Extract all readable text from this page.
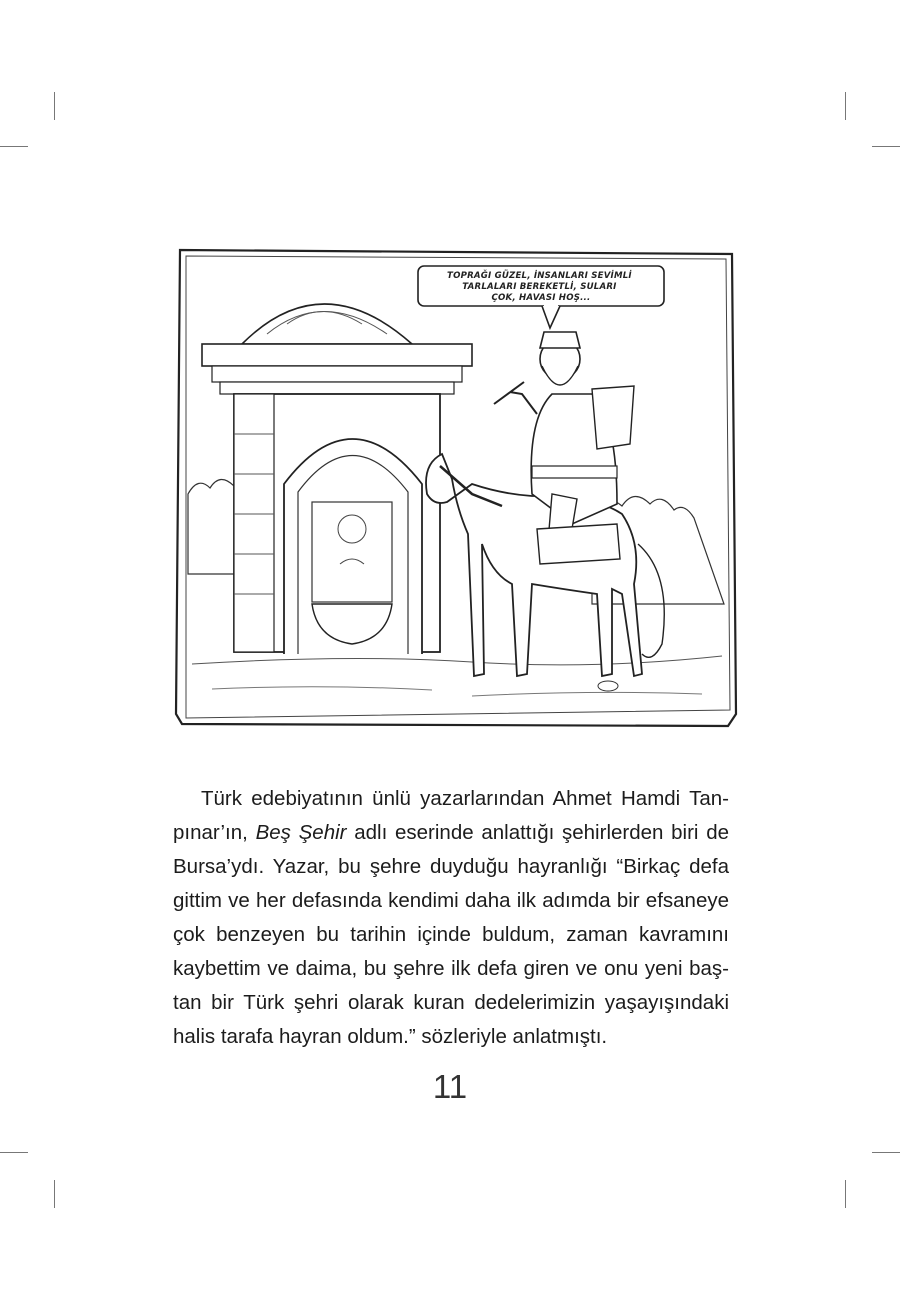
TOPRAĞI GÜZEL, İNSANLARI SEVİMLİ TARLALARI BEREKETLİ, SULARI ÇOK, HAVASI HOŞ...
Türk edebiyatının ünlü yazarlarından Ahmet Hamdi Tan-
pınar’ın, Beş Şehir adlı eserinde anlattığı şehirlerden biri de
Bursa’ydı. Yazar, bu şehre duyduğu hayranlığı “Birkaç defa
gittim ve her defasında kendimi daha ilk adımda bir efsaneye
çok benzeyen bu tarihin içinde buldum, zaman kavramını
kaybettim ve daima, bu şehre ilk defa giren ve onu yeni baş-
tan bir Türk şehri olarak kuran dedelerimizin yaşayışındaki
halis tarafa hayran oldum.” sözleriyle anlatmıştı.
11
